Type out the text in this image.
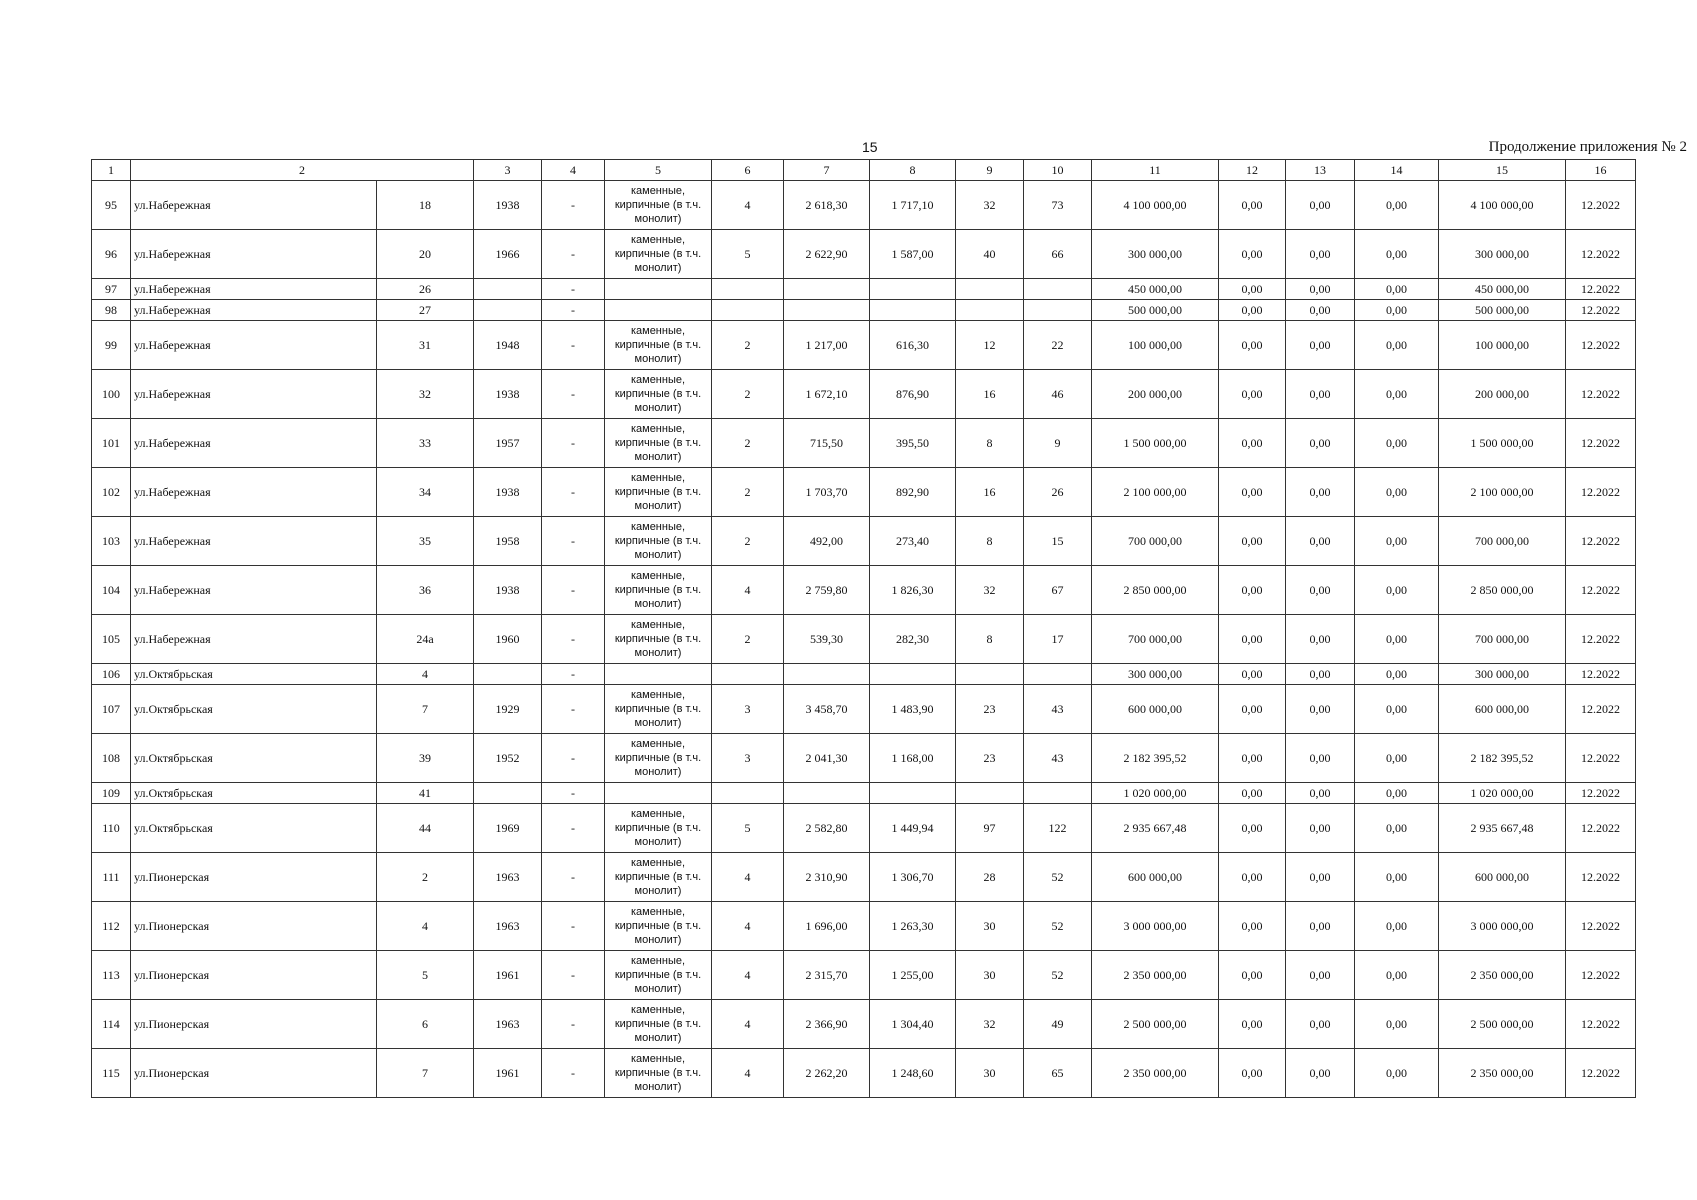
15	Продолжение приложения № 2
1	2		3	4	5	6	7	8	9	10	11	12	13	14	15	16
95	ул.Набережная	18	1938	-	каменные, кирпичные (в т.ч. монолит)	4	2 618,30	1 717,10	32	73	4 100 000,00	0,00	0,00	0,00	4 100 000,00	12.2022
96	ул.Набережная	20	1966	-	каменные, кирпичные (в т.ч. монолит)	5	2 622,90	1 587,00	40	66	300 000,00	0,00	0,00	0,00	300 000,00	12.2022
97	ул.Набережная	26		-							450 000,00	0,00	0,00	0,00	450 000,00	12.2022
98	ул.Набережная	27		-							500 000,00	0,00	0,00	0,00	500 000,00	12.2022
99	ул.Набережная	31	1948	-	каменные, кирпичные (в т.ч. монолит)	2	1 217,00	616,30	12	22	100 000,00	0,00	0,00	0,00	100 000,00	12.2022
100	ул.Набережная	32	1938	-	каменные, кирпичные (в т.ч. монолит)	2	1 672,10	876,90	16	46	200 000,00	0,00	0,00	0,00	200 000,00	12.2022
101	ул.Набережная	33	1957	-	каменные, кирпичные (в т.ч. монолит)	2	715,50	395,50	8	9	1 500 000,00	0,00	0,00	0,00	1 500 000,00	12.2022
102	ул.Набережная	34	1938	-	каменные, кирпичные (в т.ч. монолит)	2	1 703,70	892,90	16	26	2 100 000,00	0,00	0,00	0,00	2 100 000,00	12.2022
103	ул.Набережная	35	1958	-	каменные, кирпичные (в т.ч. монолит)	2	492,00	273,40	8	15	700 000,00	0,00	0,00	0,00	700 000,00	12.2022
104	ул.Набережная	36	1938	-	каменные, кирпичные (в т.ч. монолит)	4	2 759,80	1 826,30	32	67	2 850 000,00	0,00	0,00	0,00	2 850 000,00	12.2022
105	ул.Набережная	24а	1960	-	каменные, кирпичные (в т.ч. монолит)	2	539,30	282,30	8	17	700 000,00	0,00	0,00	0,00	700 000,00	12.2022
106	ул.Октябрьская	4		-							300 000,00	0,00	0,00	0,00	300 000,00	12.2022
107	ул.Октябрьская	7	1929	-	каменные, кирпичные (в т.ч. монолит)	3	3 458,70	1 483,90	23	43	600 000,00	0,00	0,00	0,00	600 000,00	12.2022
108	ул.Октябрьская	39	1952	-	каменные, кирпичные (в т.ч. монолит)	3	2 041,30	1 168,00	23	43	2 182 395,52	0,00	0,00	0,00	2 182 395,52	12.2022
109	ул.Октябрьская	41		-							1 020 000,00	0,00	0,00	0,00	1 020 000,00	12.2022
110	ул.Октябрьская	44	1969	-	каменные, кирпичные (в т.ч. монолит)	5	2 582,80	1 449,94	97	122	2 935 667,48	0,00	0,00	0,00	2 935 667,48	12.2022
111	ул.Пионерская	2	1963	-	каменные, кирпичные (в т.ч. монолит)	4	2 310,90	1 306,70	28	52	600 000,00	0,00	0,00	0,00	600 000,00	12.2022
112	ул.Пионерская	4	1963	-	каменные, кирпичные (в т.ч. монолит)	4	1 696,00	1 263,30	30	52	3 000 000,00	0,00	0,00	0,00	3 000 000,00	12.2022
113	ул.Пионерская	5	1961	-	каменные, кирпичные (в т.ч. монолит)	4	2 315,70	1 255,00	30	52	2 350 000,00	0,00	0,00	0,00	2 350 000,00	12.2022
114	ул.Пионерская	6	1963	-	каменные, кирпичные (в т.ч. монолит)	4	2 366,90	1 304,40	32	49	2 500 000,00	0,00	0,00	0,00	2 500 000,00	12.2022
115	ул.Пионерская	7	1961	-	каменные, кирпичные (в т.ч. монолит)	4	2 262,20	1 248,60	30	65	2 350 000,00	0,00	0,00	0,00	2 350 000,00	12.2022
